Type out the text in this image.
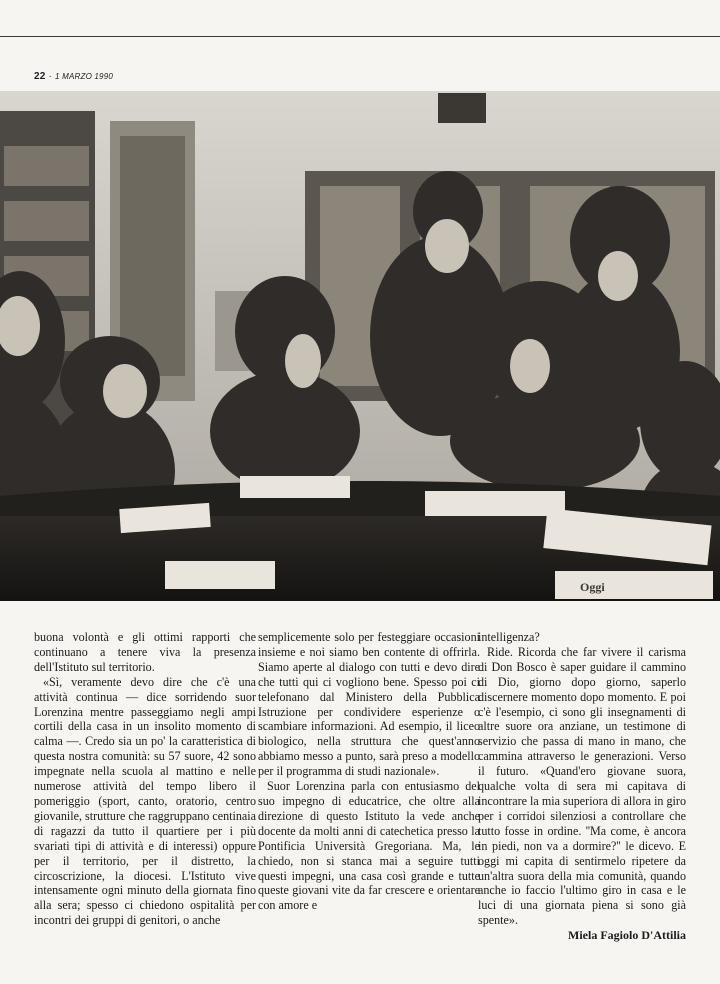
22 · 1 MARZO 1990
Oggi

buona volontà e gli ottimi rapporti che continuano a tenere viva la presenza dell'Istituto sul territorio.

«Sì, veramente devo dire che c'è una attività continua — dice sorridendo suor Lorenzina mentre passeggiamo negli ampi cortili della casa in un insolito momento di calma —. Credo sia un po' la caratteristica di questa nostra comunità: su 57 suore, 42 sono impegnate nella scuola al mattino e nelle numerose attività del tempo libero il pomeriggio (sport, canto, oratorio, centro giovanile, strutture che raggruppano centinaia di ragazzi da tutto il quartiere per i più svariati tipi di attività e di interessi) oppure per il territorio, per il distretto, la circoscrizione, la diocesi. L'Istituto vive intensamente ogni minuto della giornata fino alla sera; spesso ci chiedono ospitalità per incontri dei gruppi di genitori, o anche

semplicemente solo per festeggiare occasioni insieme e noi siamo ben contente di offrirla. Siamo aperte al dialogo con tutti e devo dire che tutti qui ci vogliono bene. Spesso poi ci telefonano dal Ministero della Pubblica Istruzione per condividere esperienze o scambiare informazioni. Ad esempio, il liceo biologico, nella struttura che quest'anno abbiamo messo a punto, sarà preso a modello per il programma di studi nazionale».

Suor Lorenzina parla con entusiasmo del suo impegno di educatrice, che oltre alla direzione di questo Istituto la vede anche docente da molti anni di catechetica presso la Pontificia Università Gregoriana. Ma, le chiedo, non si stanca mai a seguire tutti questi impegni, una casa così grande e tutte queste giovani vite da far crescere e orientare con amore e

intelligenza?

Ride. Ricorda che far vivere il carisma di Don Bosco è saper guidare il cammino di Dio, giorno dopo giorno, saperlo discernere momento dopo momento. E poi c'è l'esempio, ci sono gli insegnamenti di altre suore ora anziane, un testimone di servizio che passa di mano in mano, che cammina attraverso le generazioni. Verso il futuro. «Quand'ero giovane suora, qualche volta di sera mi capitava di incontrare la mia superiora di allora in giro per i corridoi silenziosi a controllare che tutto fosse in ordine. ''Ma come, è ancora in piedi, non va a dormire?'' le dicevo. E oggi mi capita di sentirmelo ripetere da un'altra suora della mia comunità, quando anche io faccio l'ultimo giro in casa e le luci di una giornata piena si sono già spente».

Miela Fagiolo D'Attilia
